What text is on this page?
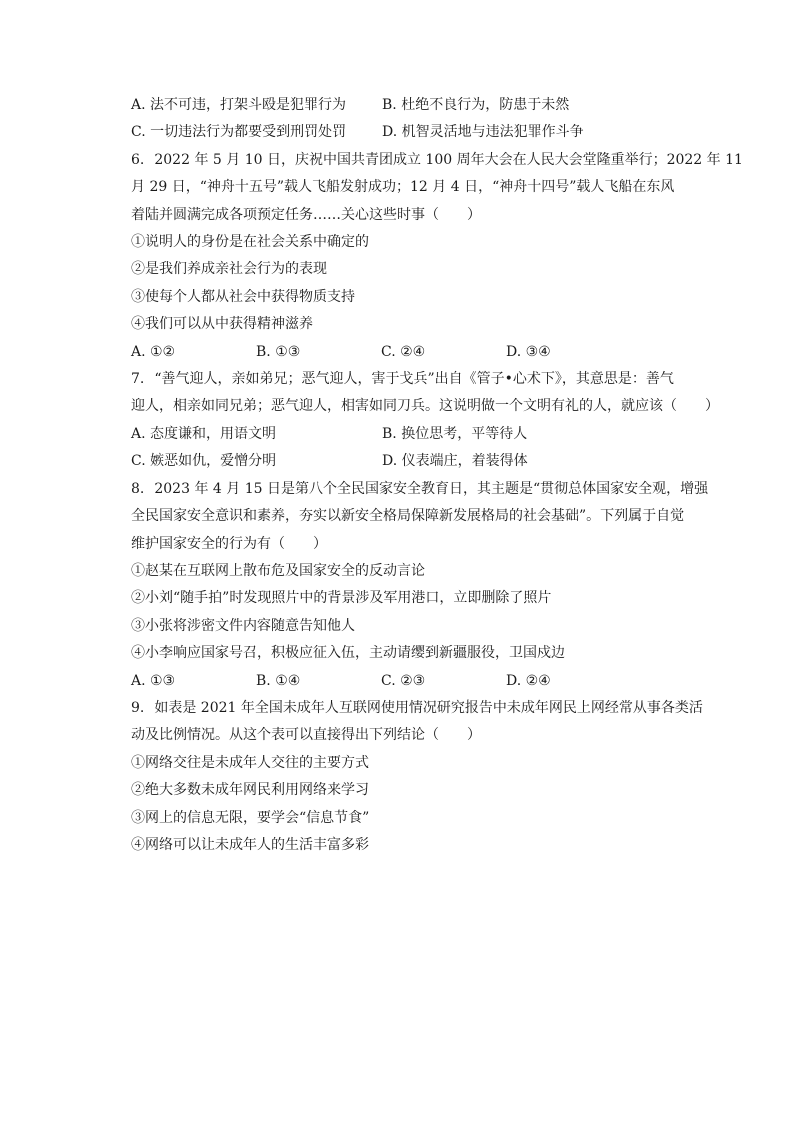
A. 法不可违，打架斗殴是犯罪行为	B. 杜绝不良行为，防患于未然
C. 一切违法行为都要受到刑罚处罚	D. 机智灵活地与违法犯罪作斗争
6. 2022 年 5 月 10 日，庆祝中国共青团成立 100 周年大会在人民大会堂隆重举行；2022 年 11
月 29 日，“神舟十五号”载人飞船发射成功；12 月 4 日，“神舟十四号”载人飞船在东风
着陆并圆满完成各项预定任务……关心这些时事（　　）
①说明人的身份是在社会关系中确定的
②是我们养成亲社会行为的表现
③使每个人都从社会中获得物质支持
④我们可以从中获得精神滋养
A. ①②	B. ①③	C. ②④	D. ③④
7. “善气迎人，亲如弟兄；恶气迎人，害于戈兵”出自《管子•心术下》，其意思是：善气
迎人，相亲如同兄弟；恶气迎人，相害如同刀兵。这说明做一个文明有礼的人，就应该（　　）
A. 态度谦和，用语文明	B. 换位思考，平等待人
C. 嫉恶如仇，爱憎分明	D. 仪表端庄，着装得体
8. 2023 年 4 月 15 日是第八个全民国家安全教育日，其主题是“贯彻总体国家安全观，增强
全民国家安全意识和素养，夯实以新安全格局保障新发展格局的社会基础”。下列属于自觉
维护国家安全的行为有（　　）
①赵某在互联网上散布危及国家安全的反动言论
②小刘“随手拍”时发现照片中的背景涉及军用港口，立即删除了照片
③小张将涉密文件内容随意告知他人
④小李响应国家号召，积极应征入伍，主动请缨到新疆服役，卫国戍边
A. ①③	B. ①④	C. ②③	D. ②④
9. 如表是 2021 年全国未成年人互联网使用情况研究报告中未成年网民上网经常从事各类活
动及比例情况。从这个表可以直接得出下列结论（　　）
①网络交往是未成年人交往的主要方式
②绝大多数未成年网民利用网络来学习
③网上的信息无限，要学会“信息节食”
④网络可以让未成年人的生活丰富多彩
